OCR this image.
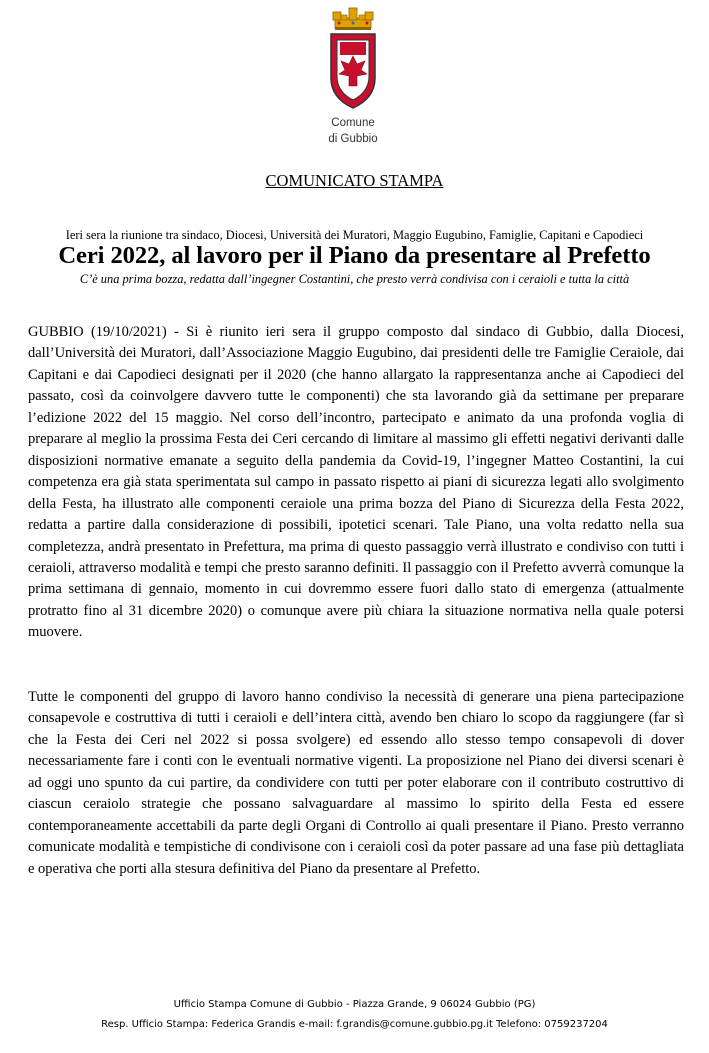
Comune
di Gubbio
COMUNICATO STAMPA
Ieri sera la riunione tra sindaco, Diocesi, Università dei Muratori, Maggio Eugubino, Famiglie, Capitani e Capodieci
Ceri 2022, al lavoro per il Piano da presentare al Prefetto
C’è una prima bozza, redatta dall’ingegner Costantini, che presto verrà condivisa con i ceraioli e tutta la città
GUBBIO (19/10/2021) - Si è riunito ieri sera il gruppo composto dal sindaco di Gubbio, dalla Diocesi, dall’Università dei Muratori, dall’Associazione Maggio Eugubino, dai presidenti delle tre Famiglie Ceraiole, dai Capitani e dai Capodieci designati per il 2020 (che hanno allargato la rappresentanza anche ai Capodieci del passato, così da coinvolgere davvero tutte le componenti) che sta lavorando già da settimane per preparare l’edizione 2022 del 15 maggio. Nel corso dell’incontro, partecipato e animato da una profonda voglia di preparare al meglio la prossima Festa dei Ceri cercando di limitare al massimo gli effetti negativi derivanti dalle disposizioni normative emanate a seguito della pandemia da Covid-19, l’ingegner Matteo Costantini, la cui competenza era già stata sperimentata sul campo in passato rispetto ai piani di sicurezza legati allo svolgimento della Festa, ha illustrato alle componenti ceraiole una prima bozza del Piano di Sicurezza della Festa 2022, redatta a partire dalla considerazione di possibili, ipotetici scenari. Tale Piano, una volta redatto nella sua completezza, andrà presentato in Prefettura, ma prima di questo passaggio verrà illustrato e condiviso con tutti i ceraioli, attraverso modalità e tempi che presto saranno definiti. Il passaggio con il Prefetto avverrà comunque la prima settimana di gennaio, momento in cui dovremmo essere fuori dallo stato di emergenza (attualmente protratto fino al 31 dicembre 2020) o comunque avere più chiara la situazione normativa nella quale potersi muovere.
Tutte le componenti del gruppo di lavoro hanno condiviso la necessità di generare una piena partecipazione consapevole e costruttiva di tutti i ceraioli e dell’intera città, avendo ben chiaro lo scopo da raggiungere (far sì che la Festa dei Ceri nel 2022 si possa svolgere) ed essendo allo stesso tempo consapevoli di dover necessariamente fare i conti con le eventuali normative vigenti. La proposizione nel Piano dei diversi scenari è ad oggi uno spunto da cui partire, da condividere con tutti per poter elaborare con il contributo costruttivo di ciascun ceraiolo strategie che possano salvaguardare al massimo lo spirito della Festa ed essere contemporaneamente accettabili da parte degli Organi di Controllo ai quali presentare il Piano. Presto verranno comunicate modalità e tempistiche di condivisone con i ceraioli così da poter passare ad una fase più dettagliata e operativa che porti alla stesura definitiva del Piano da presentare al Prefetto.
Ufficio Stampa Comune di Gubbio - Piazza Grande, 9 06024 Gubbio (PG)
Resp. Ufficio Stampa: Federica Grandis e-mail: f.grandis@comune.gubbio.pg.it Telefono: 0759237204
